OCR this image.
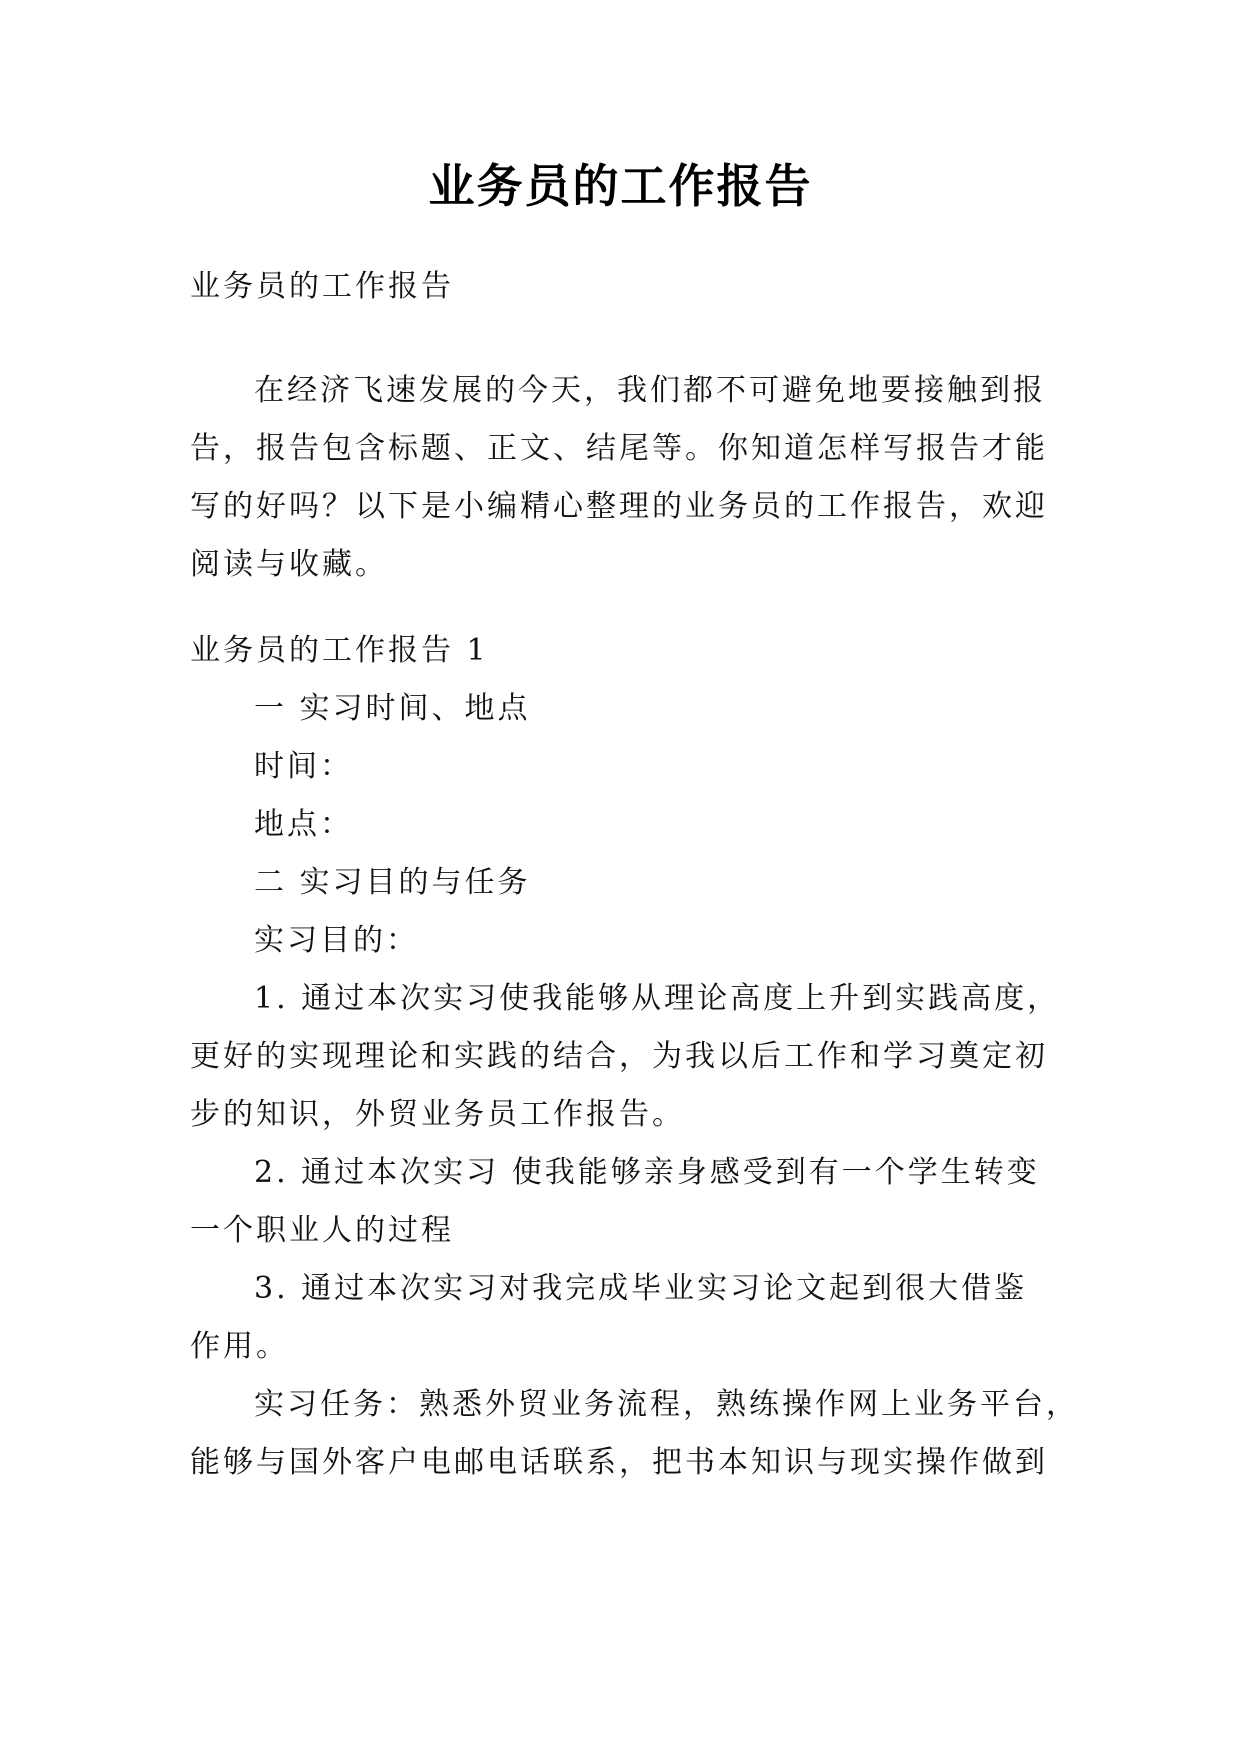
业务员的工作报告
业务员的工作报告
在经济飞速发展的今天，我们都不可避免地要接触到报
告，报告包含标题、正文、结尾等。你知道怎样写报告才能
写的好吗？以下是小编精心整理的业务员的工作报告，欢迎
阅读与收藏。
业务员的工作报告 1
一 实习时间、地点
时间：
地点：
二 实习目的与任务
实习目的：
1. 通过本次实习使我能够从理论高度上升到实践高度，
更好的实现理论和实践的结合，为我以后工作和学习奠定初
步的知识，外贸业务员工作报告。
2. 通过本次实习 使我能够亲身感受到有一个学生转变
一个职业人的过程
3. 通过本次实习对我完成毕业实习论文起到很大借鉴
作用。
实习任务：熟悉外贸业务流程，熟练操作网上业务平台，
能够与国外客户电邮电话联系，把书本知识与现实操作做到
